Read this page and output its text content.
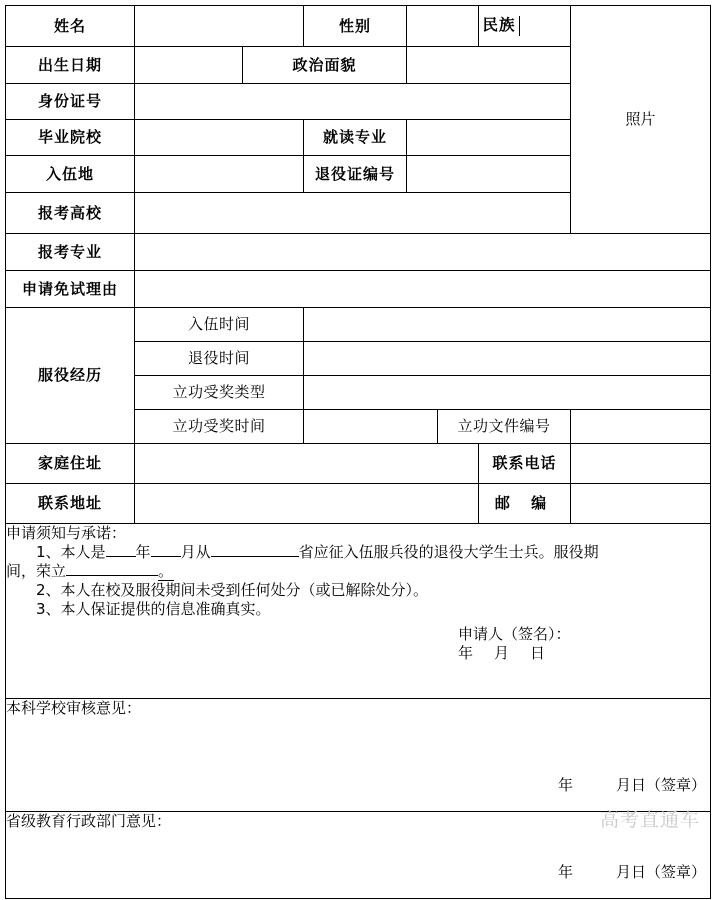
姓名		性别			民族	
	照片
出生日期		政治面貌	
身份证号	
毕业院校		就读专业	
入伍地		退役证编号	
报考高校	
报考专业	
申请免试理由	
服役经历	入伍时间	
退役时间	
立功受奖类型	
立功受奖时间		立功文件编号	
家庭住址		联系电话	
联系地址		邮 编	

申请须知与承诺：
1、本人是 年 月从	省应征入伍服兵役的退役大学生士兵。服役期
间，荣立	。
2、本人在校及服役期间未受到任何处分（或已解除处分）。
3、本人保证提供的信息准确真实。
申请人（签名）：
年 月 日

本科学校审核意见：
年	月日（签章）

省级教育行政部门意见：	高考直通车
年	月日（签章）
